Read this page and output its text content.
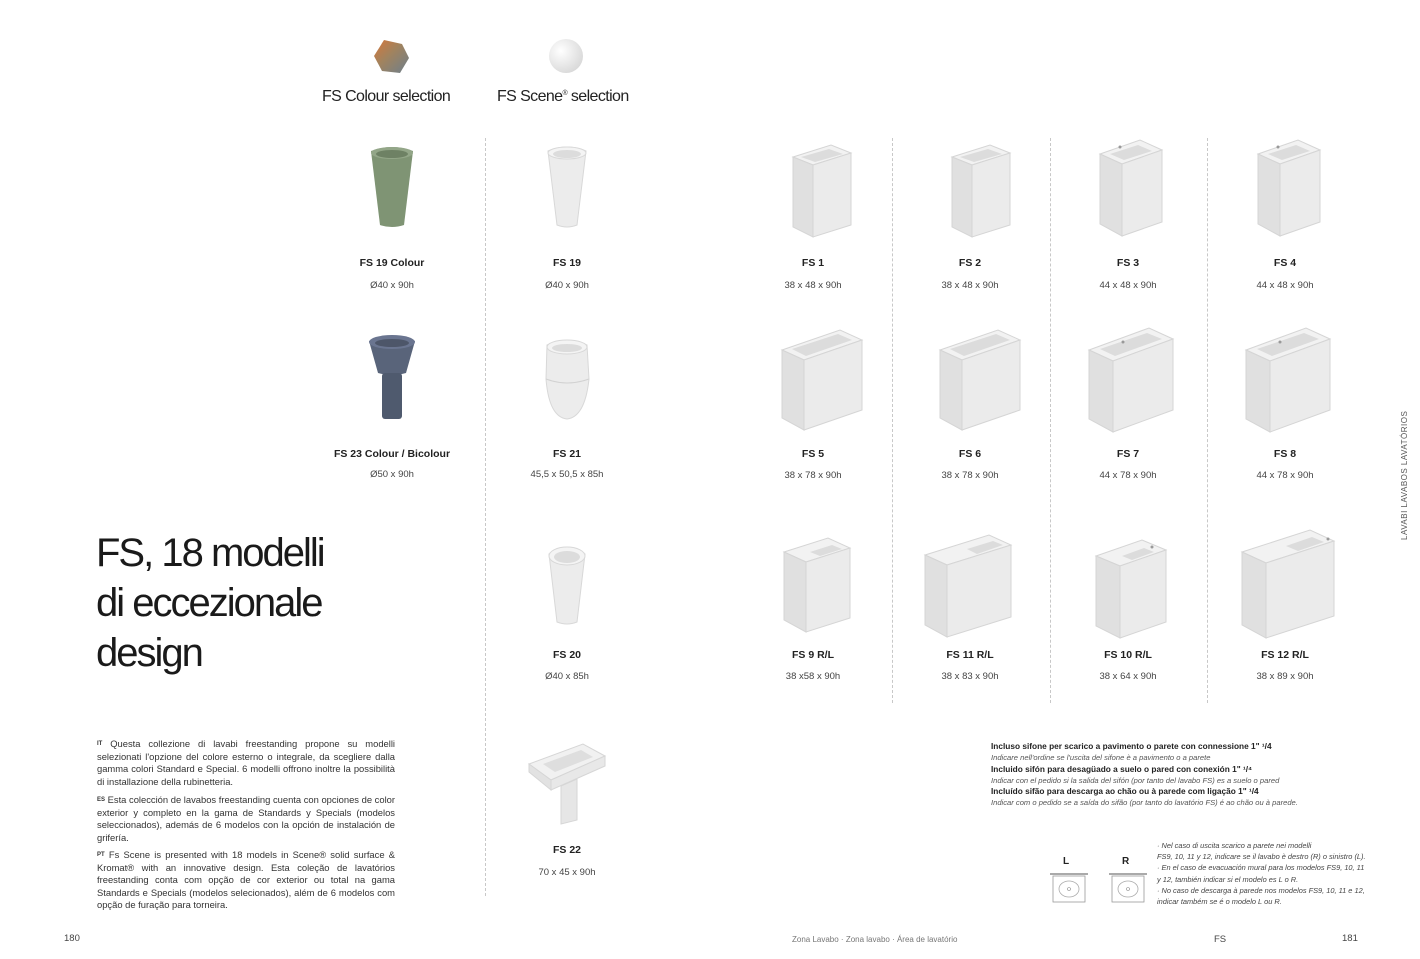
FS Colour selection	FS Scene® selection
FS 19 Colour
Ø40 x 90h
FS 23 Colour / Bicolour
Ø50 x 90h
FS 19
Ø40 x 90h
FS 21
45,5 x 50,5 x 85h
FS 20
Ø40 x 85h
FS 22
70 x 45 x 90h
FS 1
38 x 48 x 90h
FS 2
38 x 48 x 90h
FS 3
44 x 48 x 90h
FS 4
44 x 48 x 90h
FS 5
38 x 78 x 90h
FS 6
38 x 78 x 90h
FS 7
44 x 78 x 90h
FS 8
44 x 78 x 90h
FS 9 R/L
38 x58 x 90h
FS 11 R/L
38 x 83 x 90h
FS 10 R/L
38 x 64 x 90h
FS 12 R/L
38 x 89 x 90h
FS, 18 modelli
di eccezionale
design
$^{IT}$ Questa collezione di lavabi freestanding propone su modelli selezionati l'opzione del colore esterno o integrale, da scegliere dalla gamma colori Standard e Special. 6 modelli offrono inoltre la possibilità di installazione della rubinetteria.
$^{ES}$ Esta colección de lavabos freestanding cuenta con opciones de color exterior y completo en la gama de Standards y Specials (modelos seleccionados), además de 6 modelos con la opción de instalación de grifería.
$^{PT}$ Fs Scene is presented with 18 models in Scene® solid surface & Kromat® with an innovative design. Esta coleção de lavatórios freestanding conta com opção de cor exterior ou total na gama Standards e Specials (modelos selecionados), além de 6 modelos com opção de furação para torneira.
Incluso sifone per scarico a pavimento o parete con connessione 1" ¹/4
Indicare nell'ordine se l'uscita del sifone è a pavimento o a parete
Incluido sifón para desagüado a suelo o pared con conexión 1" ¹/⁴
Indicar con el pedido si la salida del sifón (por tanto del lavabo FS) es a suelo o pared
Incluído sifão para descarga ao chão ou à parede com ligação 1" ¹/4
Indicar com o pedido se a saída do sifão (por tanto do lavatório FS) é ao chão ou à parede.
L	R
· Nel caso di uscita scarico a parete nei modelli
FS9, 10, 11 y 12, indicare se il lavabo è destro (R) o sinistro (L).
· En el caso de evacuación mural para los modelos FS9, 10, 11
y 12, también indicar si el modelo es L o R.
· No caso de descarga à parede nos modelos FS9, 10, 11 e 12,
indicar também se é o modelo L ou R.
LAVABI LAVABOS LAVATÓRIOS
180	Zona Lavabo · Zona lavabo · Área de lavatório	FS	181
